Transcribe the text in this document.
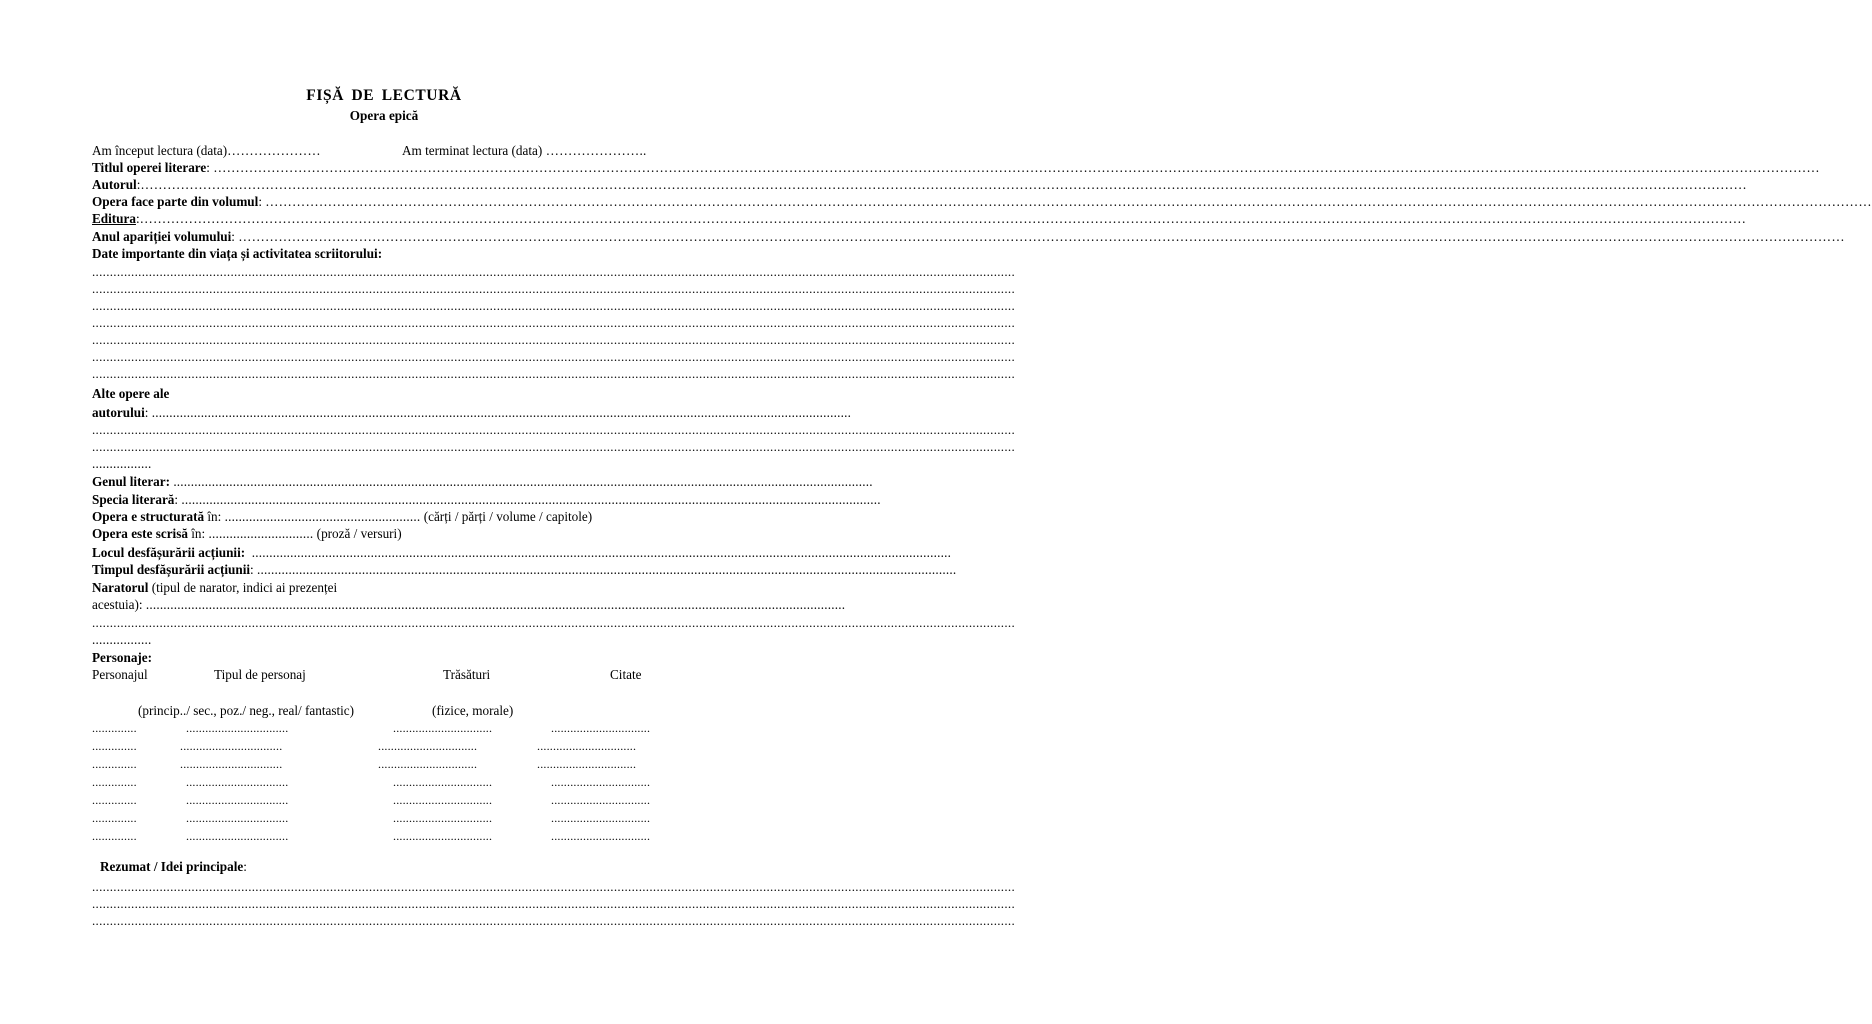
FIȘĂ DE LECTURĂ
Opera epică
Am început lectura (data)…………………	Am terminat lectura (data) …………………..
Titlul operei literare: ………………………………………………………………………………………………………………………………………………………………………………………………………………………………………………………………………………………………………………………………
Autorul:………………………………………………………………………………………………………………………………………………………………………………………………………………………………………………………………………………………………………………………………
Opera face parte din volumul: ………………………………………………………………………………………………………………………………………………………………………………………………………………………………………………………………………………………………………………………………
Editura:………………………………………………………………………………………………………………………………………………………………………………………………………………………………………………………………………………………………………………………………
Anul apariției volumului: ………………………………………………………………………………………………………………………………………………………………………………………………………………………………………………………………………………………………………………………………
Date importante din viața și activitatea scriitorului:
....................................................................................................................................................................................................................................................................
....................................................................................................................................................................................................................................................................
....................................................................................................................................................................................................................................................................
....................................................................................................................................................................................................................................................................
....................................................................................................................................................................................................................................................................
....................................................................................................................................................................................................................................................................
....................................................................................................................................................................................................................................................................
Alte opere ale
autorului: ........................................................................................................................................................................................................
....................................................................................................................................................................................................................................................................
....................................................................................................................................................................................................................................................................
.................
Genul literar: ........................................................................................................................................................................................................
Specia literară: ........................................................................................................................................................................................................
Opera e structurată în: ........................................................ (cărți / părți / volume / capitole)
Opera este scrisă în: .............................. (proză / versuri)
Locul desfășurării acțiunii: ........................................................................................................................................................................................................
Timpul desfășurării acțiunii: ........................................................................................................................................................................................................
Naratorul (tipul de narator, indici ai prezenței
acestuia): ........................................................................................................................................................................................................
....................................................................................................................................................................................................................................................................
.................
Personaje:
Personajul	Tipul de personaj	Trăsături	Citate
(princip../ sec., poz./ neg., real/ fantastic)	(fizice, morale)
..............	................................	...............................	...............................
..............	................................	...............................	...............................
..............	................................	...............................	...............................
..............	................................	...............................	...............................
..............	................................	...............................	...............................
..............	................................	...............................	...............................
..............	................................	...............................	...............................
Rezumat / Idei principale:
....................................................................................................................................................................................................................................................................
....................................................................................................................................................................................................................................................................
....................................................................................................................................................................................................................................................................
